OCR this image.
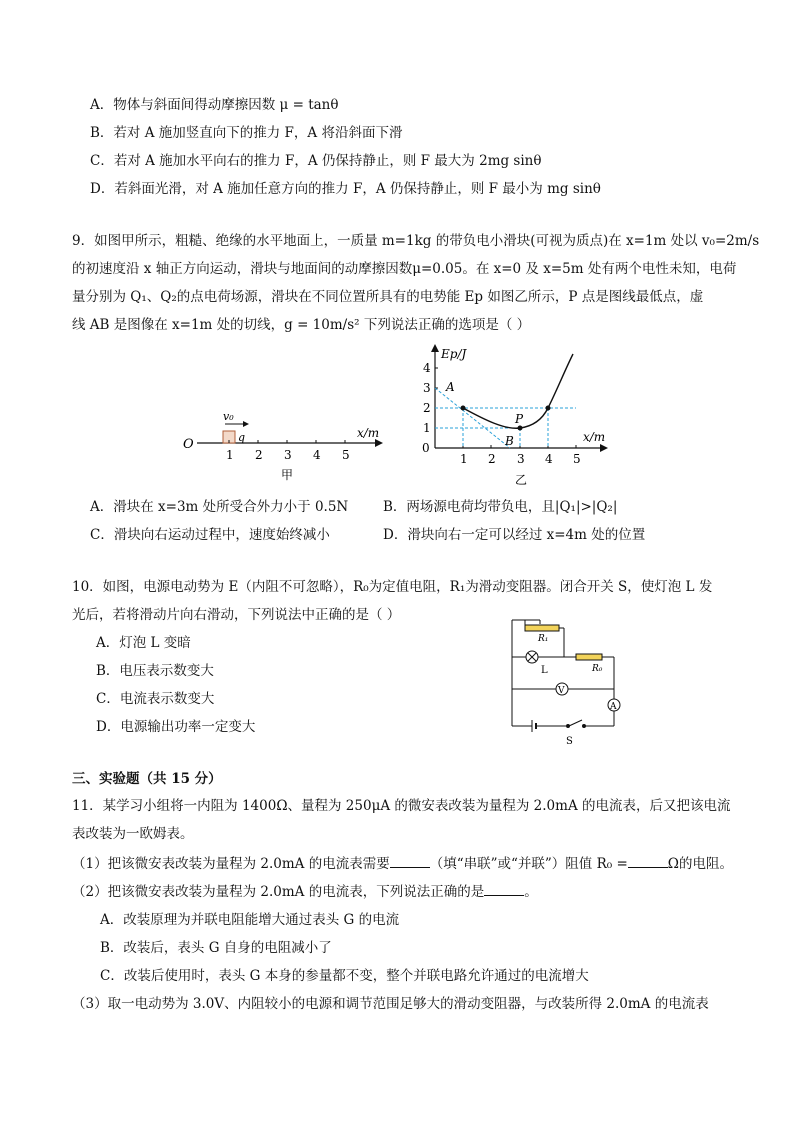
A．物体与斜面间得动摩擦因数 μ = tanθ
B．若对 A 施加竖直向下的推力 F，A 将沿斜面下滑
C．若对 A 施加水平向右的推力 F，A 仍保持静止，则 F 最大为 2mg sinθ
D．若斜面光滑，对 A 施加任意方向的推力 F，A 仍保持静止，则 F 最小为 mg sinθ
9．如图甲所示，粗糙、绝缘的水平地面上，一质量 m=1kg 的带负电小滑块(可视为质点)在 x=1m 处以 v₀=2m/s
的初速度沿 x 轴正方向运动，滑块与地面间的动摩擦因数μ=0.05。在 x=0 及 x=5m 处有两个电性未知，电荷
量分别为 Q₁、Q₂的点电荷场源，滑块在不同位置所具有的电势能 Ep 如图乙所示，P 点是图线最低点，虚
线 AB 是图像在 x=1m 处的切线，g = 10m/s² 下列说法正确的选项是（ ）
O
v₀
q	x/m
1 2 3 4 5
甲
Ep/J
x/m
0
1 2 3 4 5
1
2
3
4
A
B
P
乙
A．滑块在 x=3m 处所受合外力小于 0.5N	B．两场源电荷均带负电，且|Q₁|>|Q₂|
C．滑块向右运动过程中，速度始终减小	D．滑块向右一定可以经过 x=4m 处的位置
10．如图，电源电动势为 E（内阻不可忽略），R₀为定值电阻，R₁为滑动变阻器。闭合开关 S，使灯泡 L 发
光后，若将滑动片向右滑动，下列说法中正确的是（ ）
A．灯泡 L 变暗
B．电压表示数变大
C．电流表示数变大
D．电源输出功率一定变大
R₁
R₀
L
V
A
S
三、实验题（共 15 分）
11．某学习小组将一内阻为 1400Ω、量程为 250μA 的微安表改装为量程为 2.0mA 的电流表，后又把该电流
表改装为一欧姆表。
（1）把该微安表改装为量程为 2.0mA 的电流表需要	（填“串联”或“并联”）阻值 R₀ =	Ω的电阻。
（2）把该微安表改装为量程为 2.0mA 的电流表，下列说法正确的是	。
A．改装原理为并联电阻能增大通过表头 G 的电流
B．改装后，表头 G 自身的电阻减小了
C．改装后使用时，表头 G 本身的参量都不变，整个并联电路允许通过的电流增大
（3）取一电动势为 3.0V、内阻较小的电源和调节范围足够大的滑动变阻器，与改装所得 2.0mA 的电流表
